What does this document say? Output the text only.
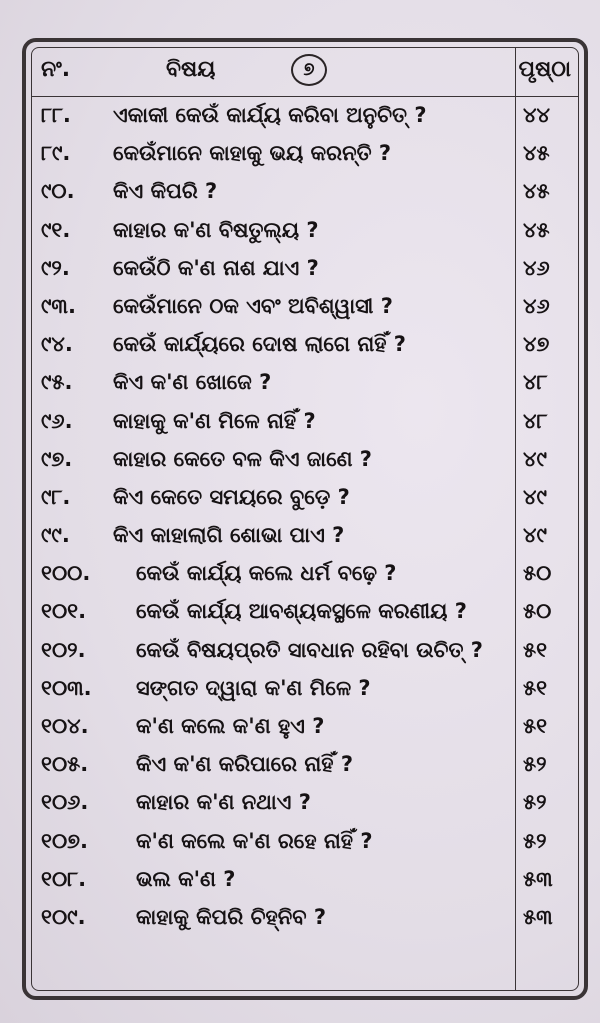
ନଂ.	ବିଷୟ	୭	ପୃଷ୍ଠା
୮୮. ଏକାକୀ କେଉଁ କାର୍ଯ୍ୟ କରିବା ଅନୁଚିତ୍ ?	୪୪
୮୯. କେଉଁମାନେ କାହାକୁ ଭୟ କରନ୍ତି ?	୪୫
୯୦. କିଏ କିପରି ?	୪୫
୯୧. କାହାର କ'ଣ ବିଷତୁଲ୍ୟ ?	୪୫
୯୨. କେଉଁଠି କ'ଣ ନାଶ ଯାଏ ?	୪୬
୯୩. କେଉଁମାନେ ଠକ ଏବଂ ଅବିଶ୍ୱାସୀ ?	୪୬
୯୪. କେଉଁ କାର୍ଯ୍ୟରେ ଦୋଷ ଲାଗେ ନାହିଁ ?	୪୭
୯୫. କିଏ କ'ଣ ଖୋଜେ ?	୪୮
୯୬. କାହାକୁ କ'ଣ ମିଳେ ନାହିଁ ?	୪୮
୯୭. କାହାର କେତେ ବଳ କିଏ ଜାଣେ ?	୪୯
୯୮. କିଏ କେତେ ସମୟରେ ବୁଡ଼େ ?	୪୯
୯୯. କିଏ କାହାଲାଗି ଶୋଭା ପାଏ ?	୪୯
୧୦୦. କେଉଁ କାର୍ଯ୍ୟ କଲେ ଧର୍ମ ବଢ଼େ ?	୫୦
୧୦୧. କେଉଁ କାର୍ଯ୍ୟ ଆବଶ୍ୟକସ୍ଥଳେ କରଣୀୟ ?	୫୦
୧୦୨. କେଉଁ ବିଷୟପ୍ରତି ସାବଧାନ ରହିବା ଉଚିତ୍ ? ୫୧
୧୦୩. ସଙ୍ଗତ ଦ୍ୱାରା କ'ଣ ମିଳେ ?	୫୧
୧୦୪. କ'ଣ କଲେ କ'ଣ ହୁଏ ?	୫୧
୧୦୫. କିଏ କ'ଣ କରିପାରେ ନାହିଁ ?	୫୨
୧୦୬. କାହାର କ'ଣ ନଥାଏ ?	୫୨
୧୦୭. କ'ଣ କଲେ କ'ଣ ରହେ ନାହିଁ ?	୫୨
୧୦୮. ଭଲ କ'ଣ ?	୫୩
୧୦୯. କାହାକୁ କିପରି ଚିହ୍ନିବ ?	୫୩
